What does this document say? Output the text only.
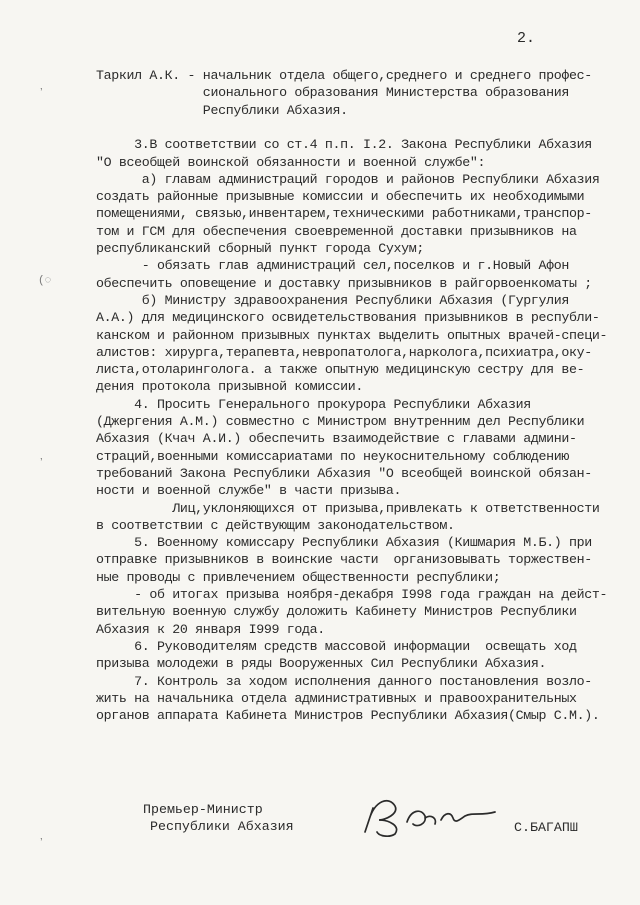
2.
Таркил А.К. - начальник отдела общего,среднего и среднего профес-
сионального образования Министерства образования
Республики Абхазия.
3.В соответствии со ст.4 п.п. I.2. Закона Республики Абхазия
"О всеобщей воинской обязанности и военной службе":
а) главам администраций городов и районов Республики Абхазия
создать районные призывные комиссии и обеспечить их необходимыми
помещениями, связью,инвентарем,техническими работниками,транспор-
том и ГСМ для обеспечения своевременной доставки призывников на
республиканский сборный пункт города Сухум;
- обязать глав администраций сел,поселков и г.Новый Афон
обеспечить оповещение и доставку призывников в райгорвоенкоматы ;
б) Министру здравоохранения Республики Абхазия (Гургулия
А.А.) для медицинского освидетельствования призывников в республи-
канском и районном призывных пунктах выделить опытных врачей-специ-
алистов: хирурга,терапевта,невропатолога,нарколога,психиатра,оку-
листа,отоларинголога. а также опытную медицинскую сестру для ве-
дения протокола призывной комиссии.
4. Просить Генерального прокурора Республики Абхазия
(Джергения А.М.) совместно с Министром внутренним дел Республики
Абхазия (Кчач А.И.) обеспечить взаимодействие с главами админи-
страций,военными комиссариатами по неукоснительному соблюдению
требований Закона Республики Абхазия "О всеобщей воинской обязан-
ности и военной службе" в части призыва.
Лиц,уклоняющихся от призыва,привлекать к ответственности
в соответствии с действующим законодательством.
5. Военному комиссару Республики Абхазия (Кишмария М.Б.) при
отправке призывников в воинские части  организовывать торжествен-
ные проводы с привлечением общественности республики;
- об итогах призыва ноября-декабря I998 года граждан на дейст-
вительную военную службу доложить Кабинету Министров Республики
Абхазия к 20 января I999 года.
6. Руководителям средств массовой информации  освещать ход
призыва молодежи в ряды Вооруженных Сил Республики Абхазия.
7. Контроль за ходом исполнения данного постановления возло-
жить на начальника отдела административных и правоохранительных
органов аппарата Кабинета Министров Республики Абхазия(Смыр С.М.).
Премьер-Министр
Республики Абхазия	С.БАГАПШ
ʼ
(◌
ʼ
ʼ
